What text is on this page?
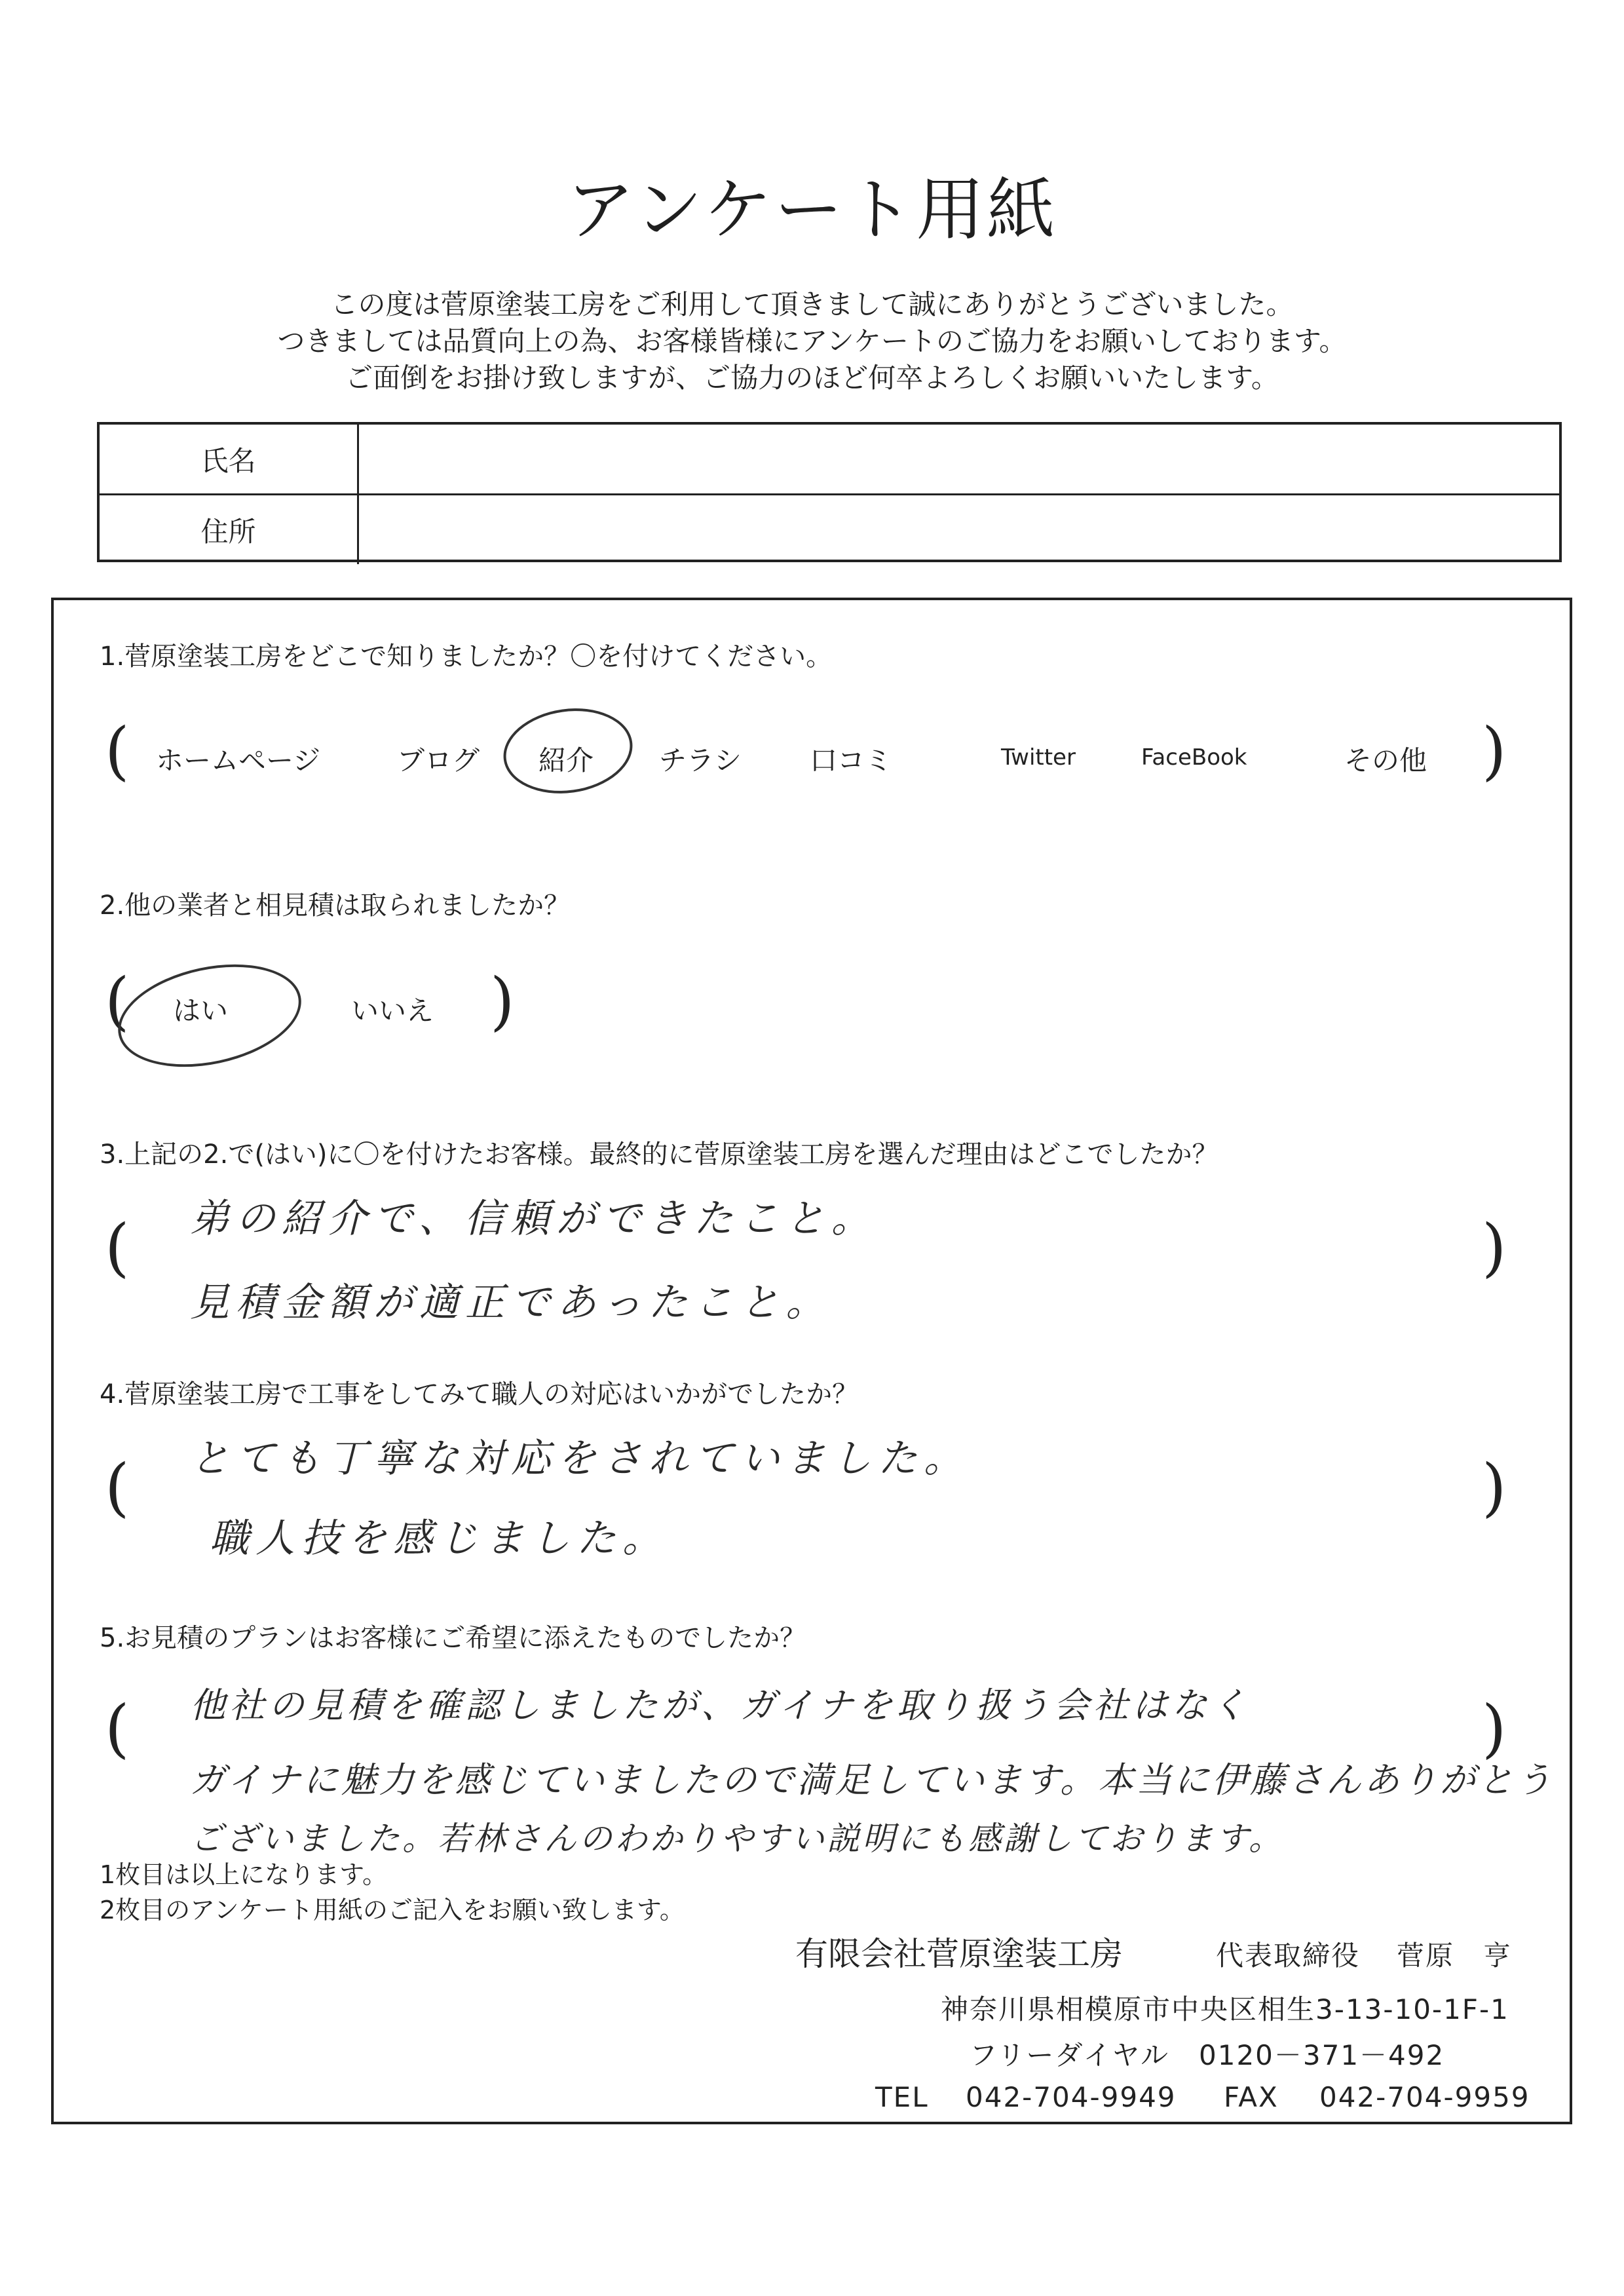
アンケート用紙
この度は菅原塗装工房をご利用して頂きまして誠にありがとうございました。
つきましては品質向上の為、お客様皆様にアンケートのご協力をお願いしております。
ご面倒をお掛け致しますが、ご協力のほど何卒よろしくお願いいたします。
氏名
住所
1.菅原塗装工房をどこで知りましたか？〇を付けてください。
( ホームページ	ブログ 紹介 チラシ 口コミ	Twitter	FaceBook	その他 )
2.他の業者と相見積は取られましたか？
( はい	いいえ )
3.上記の2.で(はい)に〇を付けたお客様。最終的に菅原塗装工房を選んだ理由はどこでしたか？
( 弟の紹介で、信頼ができたこと。
見積金額が適正であったこと。
)
4.菅原塗装工房で工事をしてみて職人の対応はいかがでしたか？
( とても丁寧な対応をされていました。
職人技を感じました。
)
5.お見積のプランはお客様にご希望に添えたものでしたか？
( 他社の見積を確認しましたが、ガイナを取り扱う会社はなく
ガイナに魅力を感じていましたので満足しています。本当に伊藤さんありがとう
ございました。若林さんのわかりやすい説明にも感謝しております。
)
1枚目は以上になります。
2枚目のアンケート用紙のご記入をお願い致します。
有限会社菅原塗装工房	代表取締役 菅原　亨
神奈川県相模原市中央区相生3-13-10-1F-1
フリーダイヤル 0120－371－492
TEL 042-704-9949 FAX 042-704-9959
